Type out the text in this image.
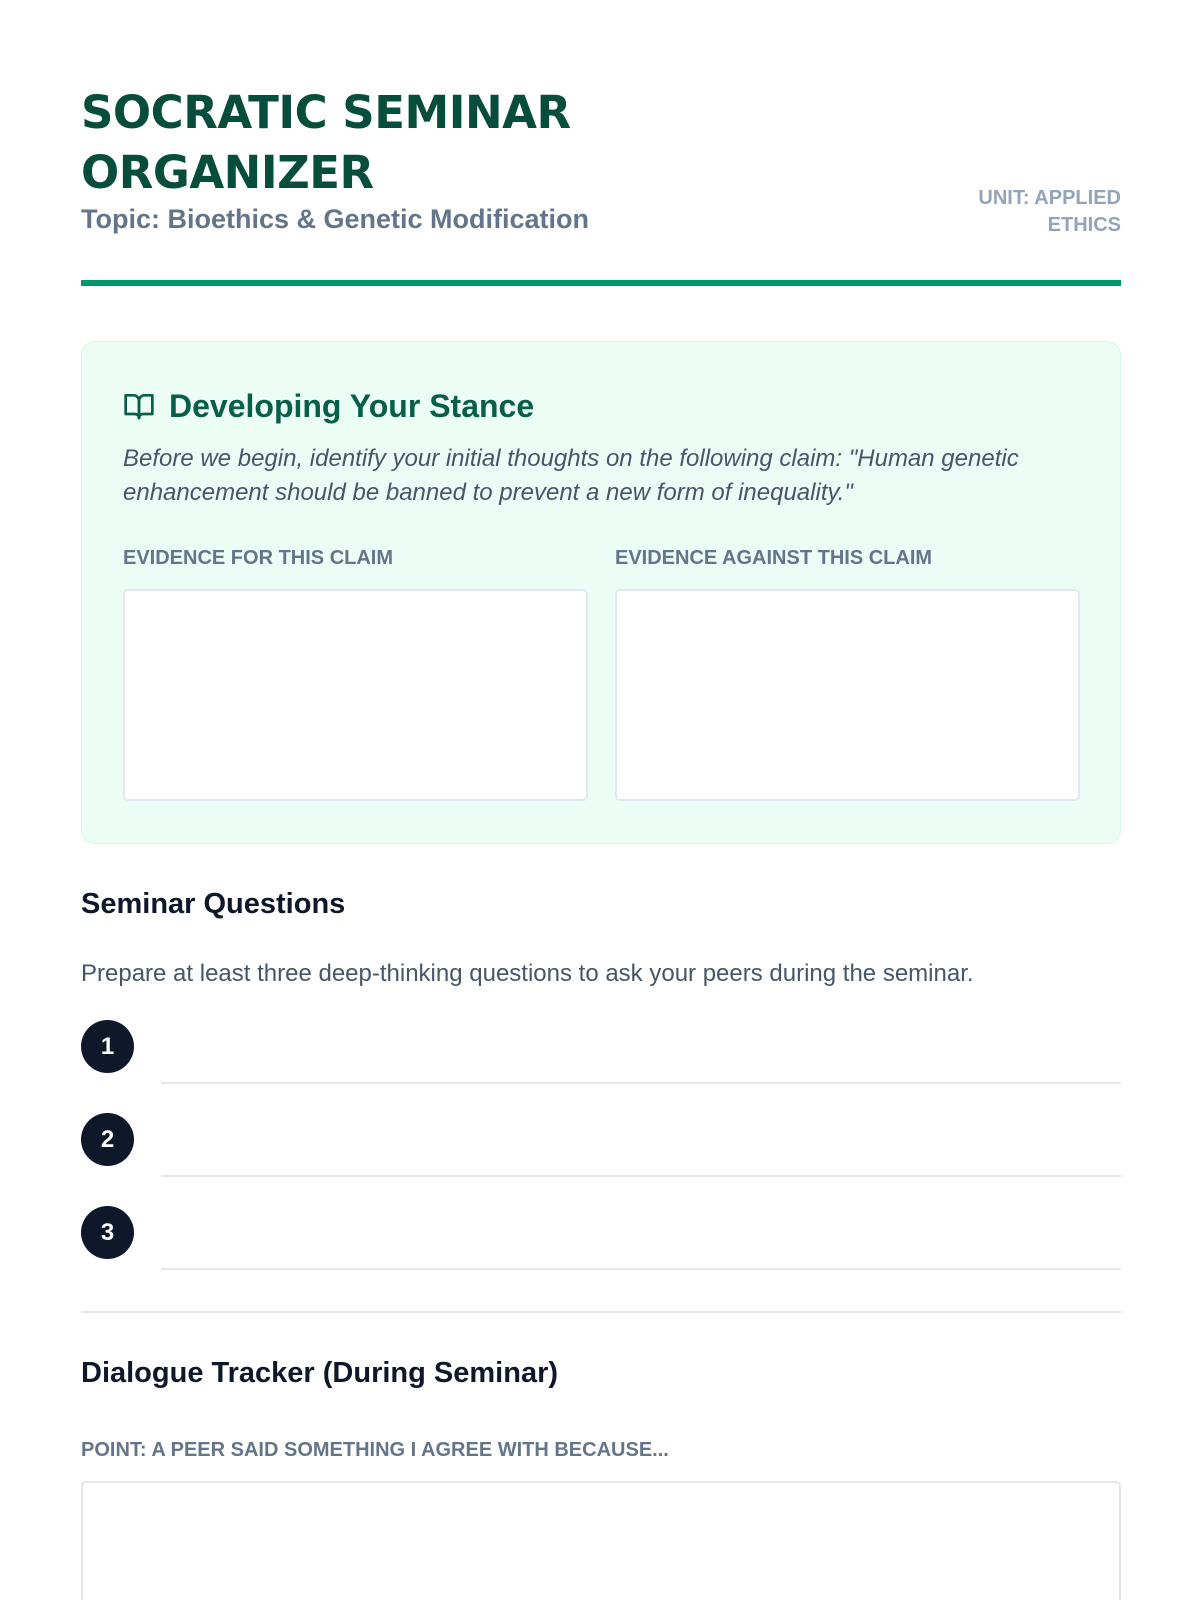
SOCRATIC SEMINAR ORGANIZER
Topic: Bioethics & Genetic Modification
UNIT: APPLIED ETHICS
Developing Your Stance
Before we begin, identify your initial thoughts on the following claim: "Human genetic enhancement should be banned to prevent a new form of inequality."
EVIDENCE FOR THIS CLAIM	EVIDENCE AGAINST THIS CLAIM
Seminar Questions
Prepare at least three deep-thinking questions to ask your peers during the seminar.
1
2
3
Dialogue Tracker (During Seminar)
POINT: A PEER SAID SOMETHING I AGREE WITH BECAUSE...
